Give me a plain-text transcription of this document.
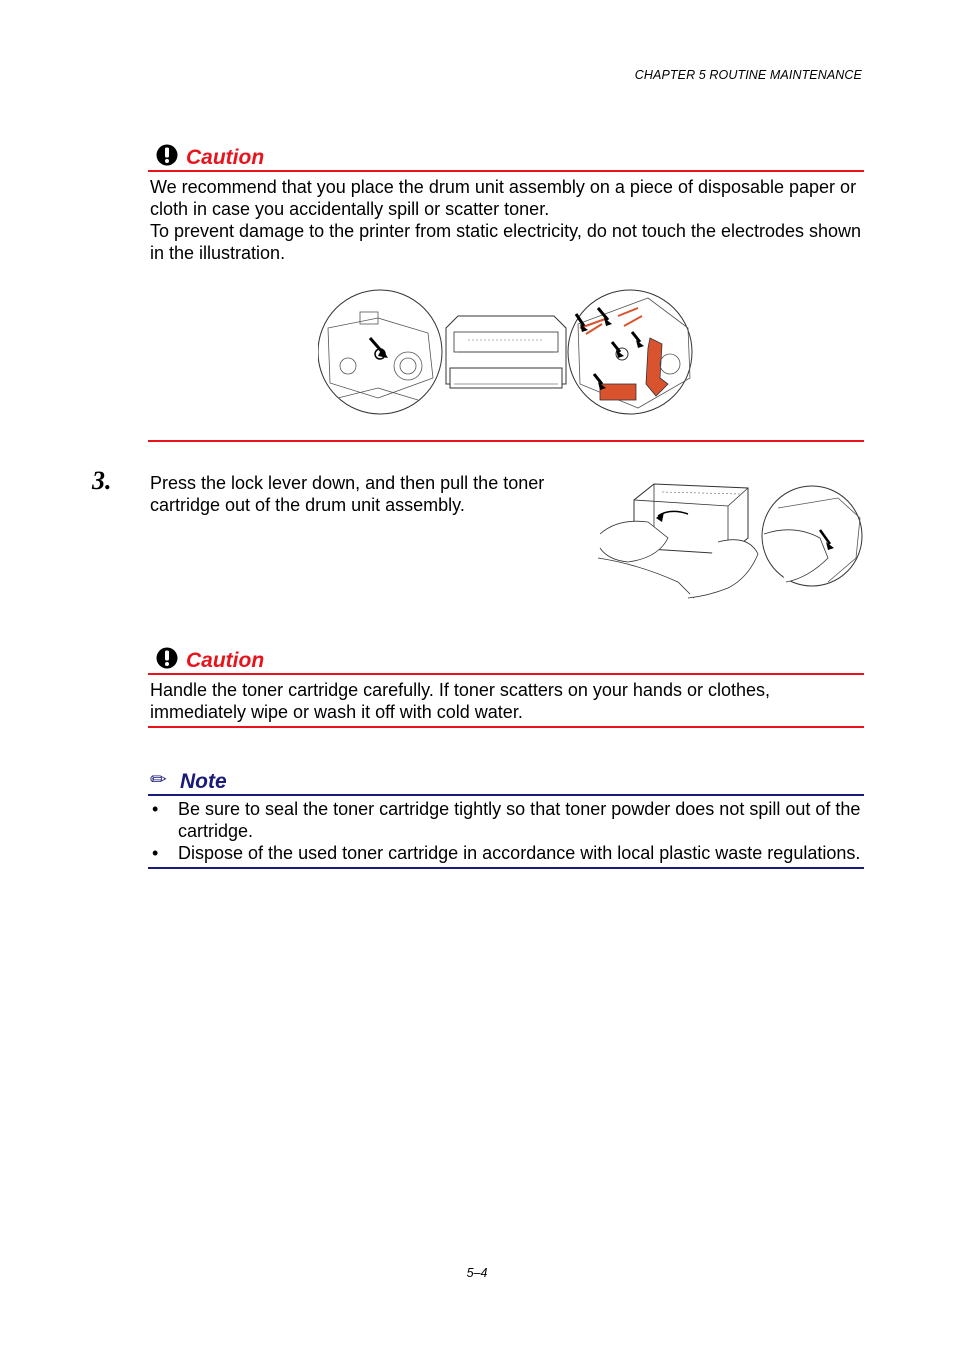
CHAPTER 5 ROUTINE MAINTENANCE
Caution

We recommend that you place the drum unit assembly on a piece of disposable paper or cloth in case you accidentally spill or scatter toner.

To prevent damage to the printer from static electricity, do not touch the electrodes shown in the illustration.

3. Press the lock lever down, and then pull the toner cartridge out of the drum unit assembly.
Caution
Handle the toner cartridge carefully. If toner scatters on your hands or clothes, immediately wipe or wash it off with cold water.
✏ Note
• Be sure to seal the toner cartridge tightly so that toner powder does not spill out of the cartridge.
• Dispose of the used toner cartridge in accordance with local plastic waste regulations.
5–4
